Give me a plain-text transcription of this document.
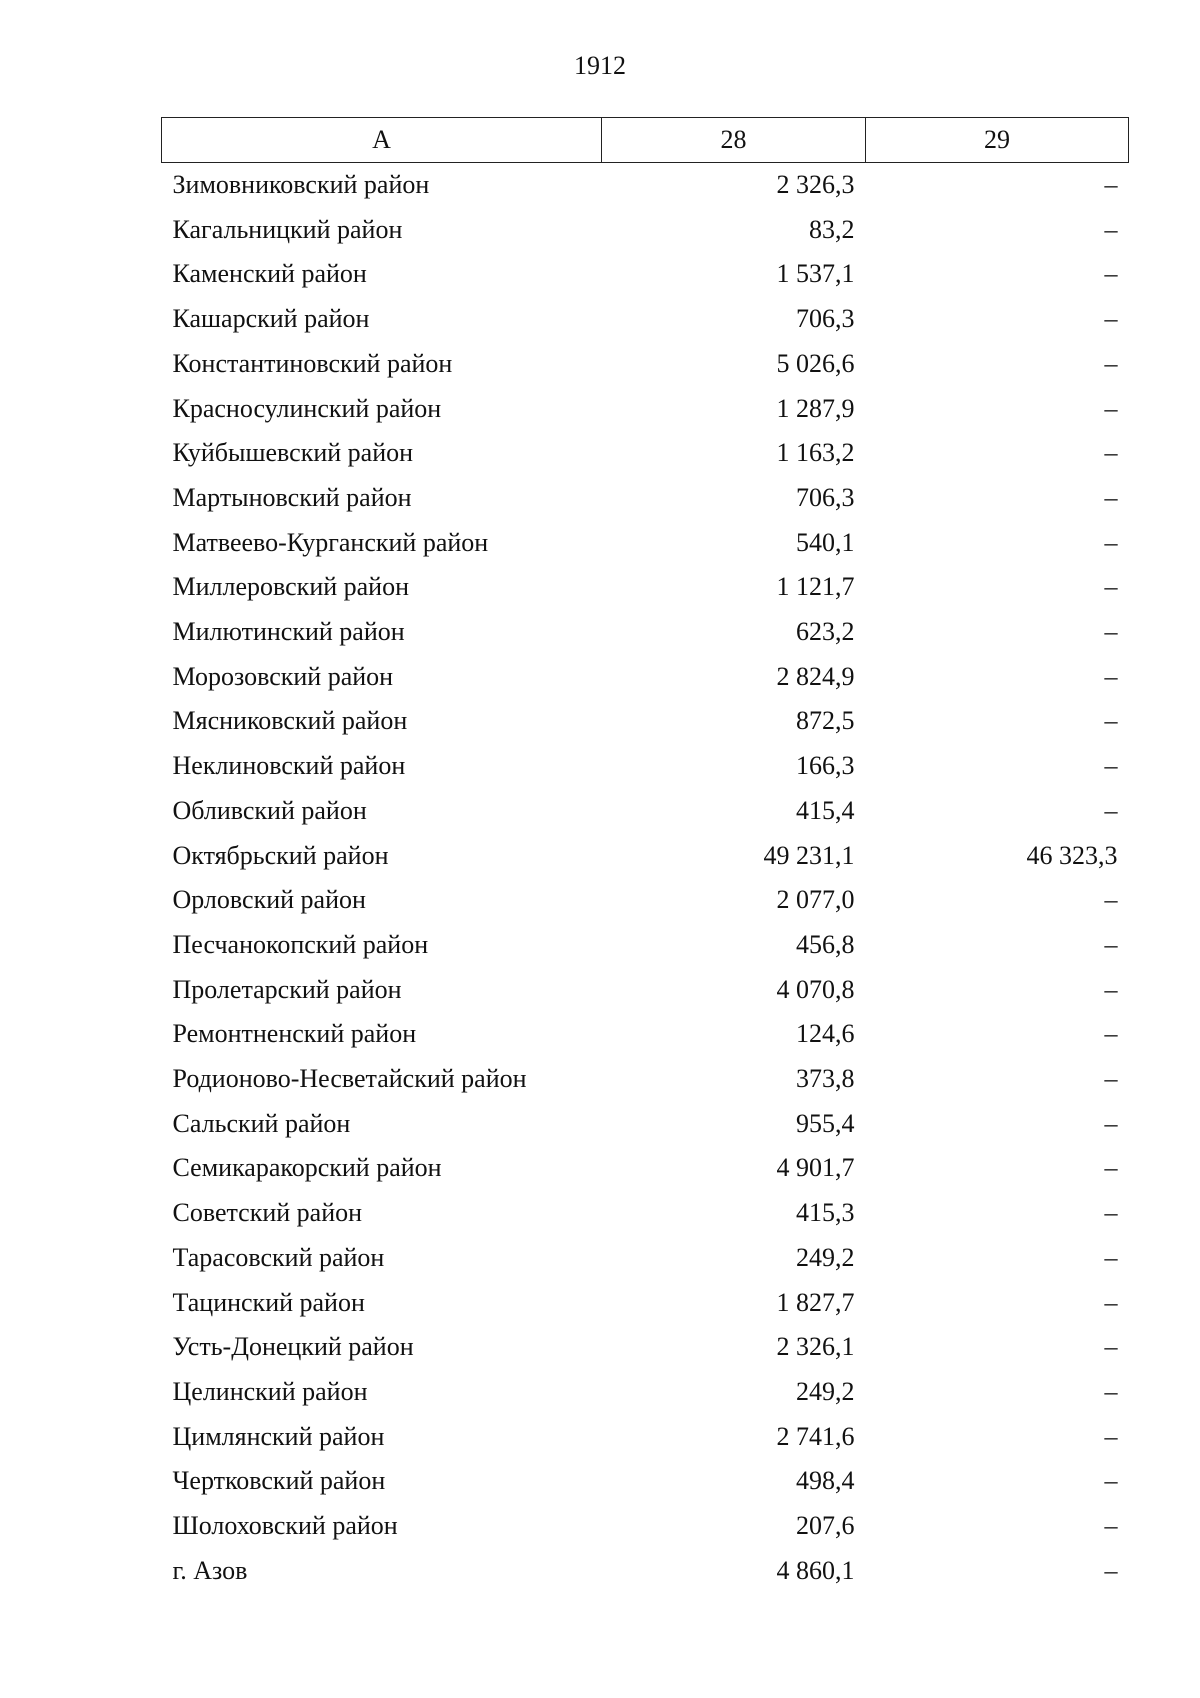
1912
А	28	29
Зимовниковский район	2 326,3	–
Кагальницкий район	83,2	–
Каменский район	1 537,1	–
Кашарский район	706,3	–
Константиновский район	5 026,6	–
Красносулинский район	1 287,9	–
Куйбышевский район	1 163,2	–
Мартыновский район	706,3	–
Матвеево-Курганский район	540,1	–
Миллеровский район	1 121,7	–
Милютинский район	623,2	–
Морозовский район	2 824,9	–
Мясниковский район	872,5	–
Неклиновский район	166,3	–
Обливский район	415,4	–
Октябрьский район	49 231,1	46 323,3
Орловский район	2 077,0	–
Песчанокопский район	456,8	–
Пролетарский район	4 070,8	–
Ремонтненский район	124,6	–
Родионово-Несветайский район	373,8	–
Сальский район	955,4	–
Семикаракорский район	4 901,7	–
Советский район	415,3	–
Тарасовский район	249,2	–
Тацинский район	1 827,7	–
Усть-Донецкий район	2 326,1	–
Целинский район	249,2	–
Цимлянский район	2 741,6	–
Чертковский район	498,4	–
Шолоховский район	207,6	–
г. Азов	4 860,1	–
